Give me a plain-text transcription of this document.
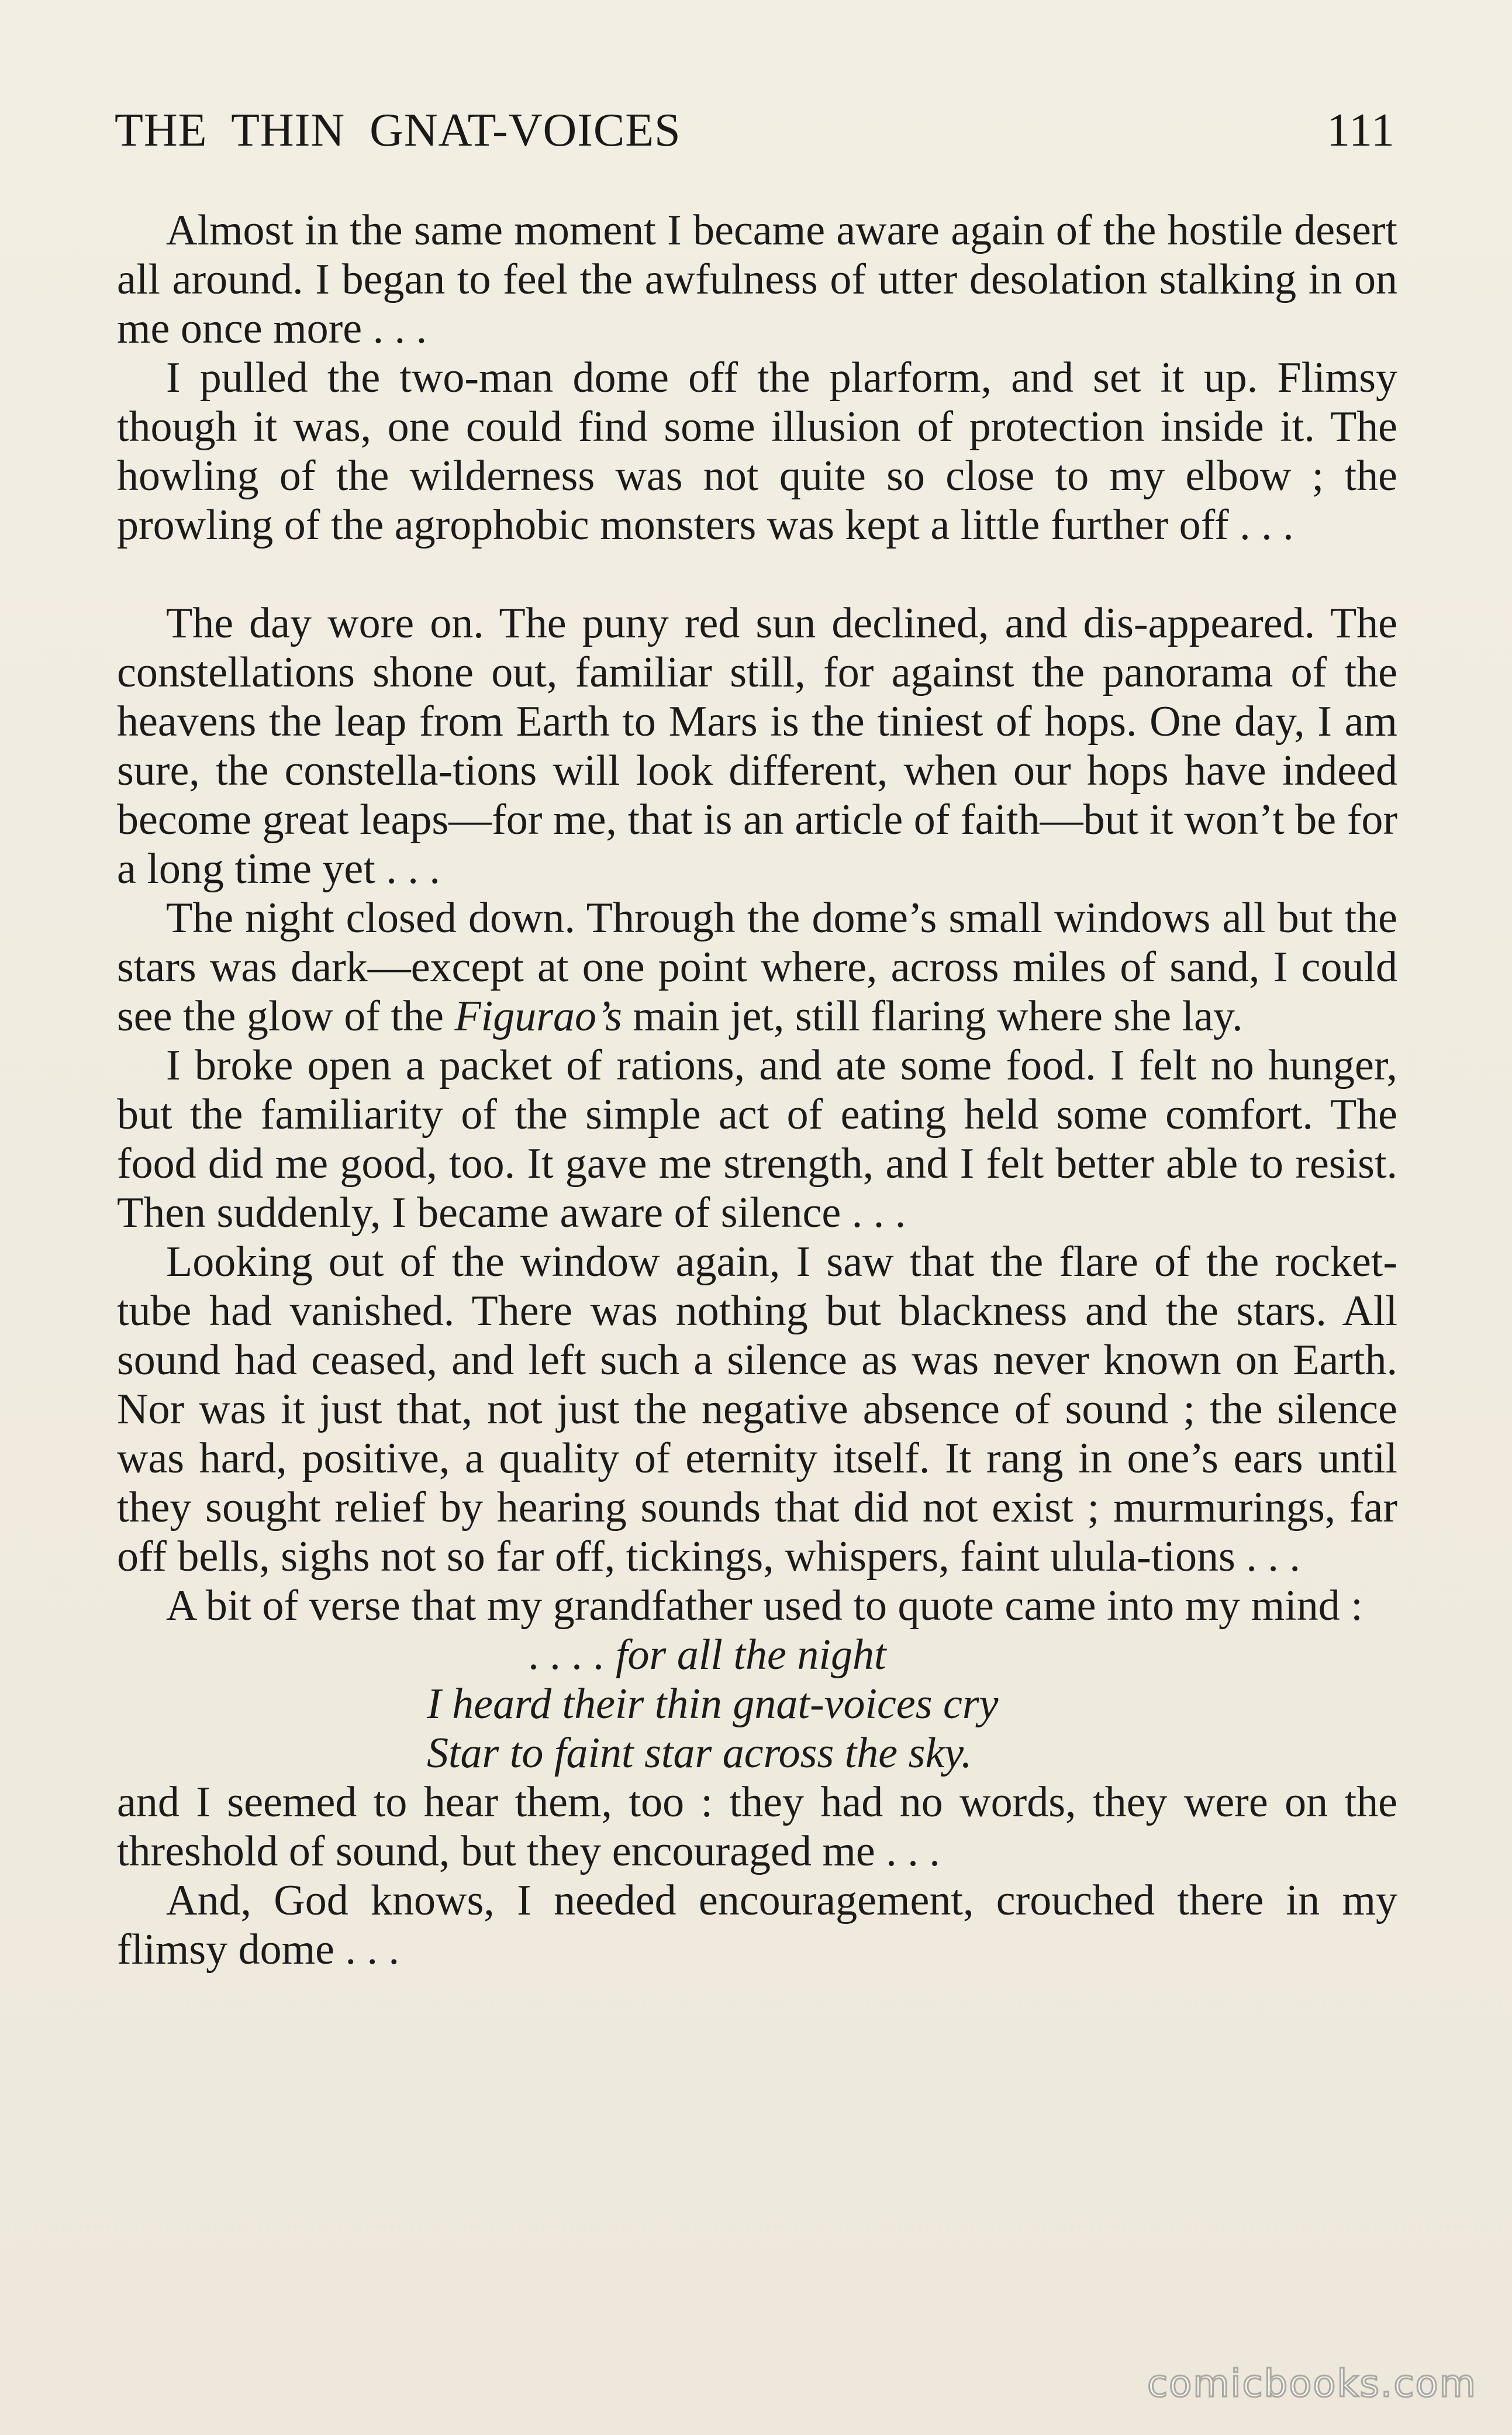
THE  THIN  GNAT-VOICES	111

Almost in the same moment I became aware again of the hostile desert all around. I began to feel the awfulness of utter desolation stalking in on me once more . . .

I pulled the two-man dome off the plarform, and set it up. Flimsy though it was, one could find some illusion of protection inside it. The howling of the wilderness was not quite so close to my elbow ; the prowling of the agrophobic monsters was kept a little further off . . .

The day wore on. The puny red sun declined, and dis-appeared. The constellations shone out, familiar still, for against the panorama of the heavens the leap from Earth to Mars is the tiniest of hops. One day, I am sure, the constella-tions will look different, when our hops have indeed become great leaps—for me, that is an article of faith—but it won’t be for a long time yet . . .

The night closed down. Through the dome’s small windows all but the stars was dark—except at one point where, across miles of sand, I could see the glow of the Figurao’s main jet, still flaring where she lay.

I broke open a packet of rations, and ate some food. I felt no hunger, but the familiarity of the simple act of eating held some comfort. The food did me good, too. It gave me strength, and I felt better able to resist. Then suddenly, I became aware of silence . . .

Looking out of the window again, I saw that the flare of the rocket-tube had vanished. There was nothing but blackness and the stars. All sound had ceased, and left such a silence as was never known on Earth. Nor was it just that, not just the negative absence of sound ; the silence was hard, positive, a quality of eternity itself. It rang in one’s ears until they sought relief by hearing sounds that did not exist ; murmurings, far off bells, sighs not so far off, tickings, whispers, faint ulula-tions . . .

A bit of verse that my grandfather used to quote came into my mind :

. . . . for all the night
I heard their thin gnat-voices cry
Star to faint star across the sky.

and I seemed to hear them, too : they had no words, they were on the threshold of sound, but they encouraged me . . .

And, God knows, I needed encouragement, crouched there in my flimsy dome . . .

comicbooks.com
